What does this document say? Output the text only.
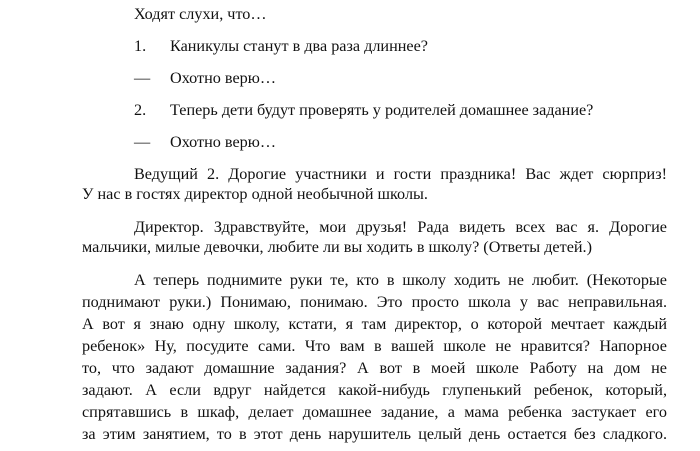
Ходят слухи, что…
1. Каникулы станут в два раза длиннее?
— Охотно верю…
2. Теперь дети будут проверять у родителей домашнее задание?
— Охотно верю…
Ведущий 2. Дорогие участники и гости праздника! Вас ждет сюрприз!
У нас в гостях директор одной необычной школы.
Директор. Здравствуйте, мои друзья! Рада видеть всех вас я. Дорогие
мальчики, милые девочки, любите ли вы ходить в школу? (Ответы детей.)
А теперь поднимите руки те, кто в школу ходить не любит. (Некоторые
поднимают руки.) Понимаю, понимаю. Это просто школа у вас неправильная.
А вот я знаю одну школу, кстати, я там директор, о которой мечтает каждый
ребенок» Ну, посудите сами. Что вам в вашей школе не нравится? Напорное
то, что задают домашние задания? А вот в моей школе Работу на дом не
задают. А если вдруг найдется какой-нибудь глупенький ребенок, который,
спрятавшись в шкаф, делает домашнее задание, а мама ребенка застукает его
за этим занятием, то в этот день нарушитель целый день остается без сладкого.
